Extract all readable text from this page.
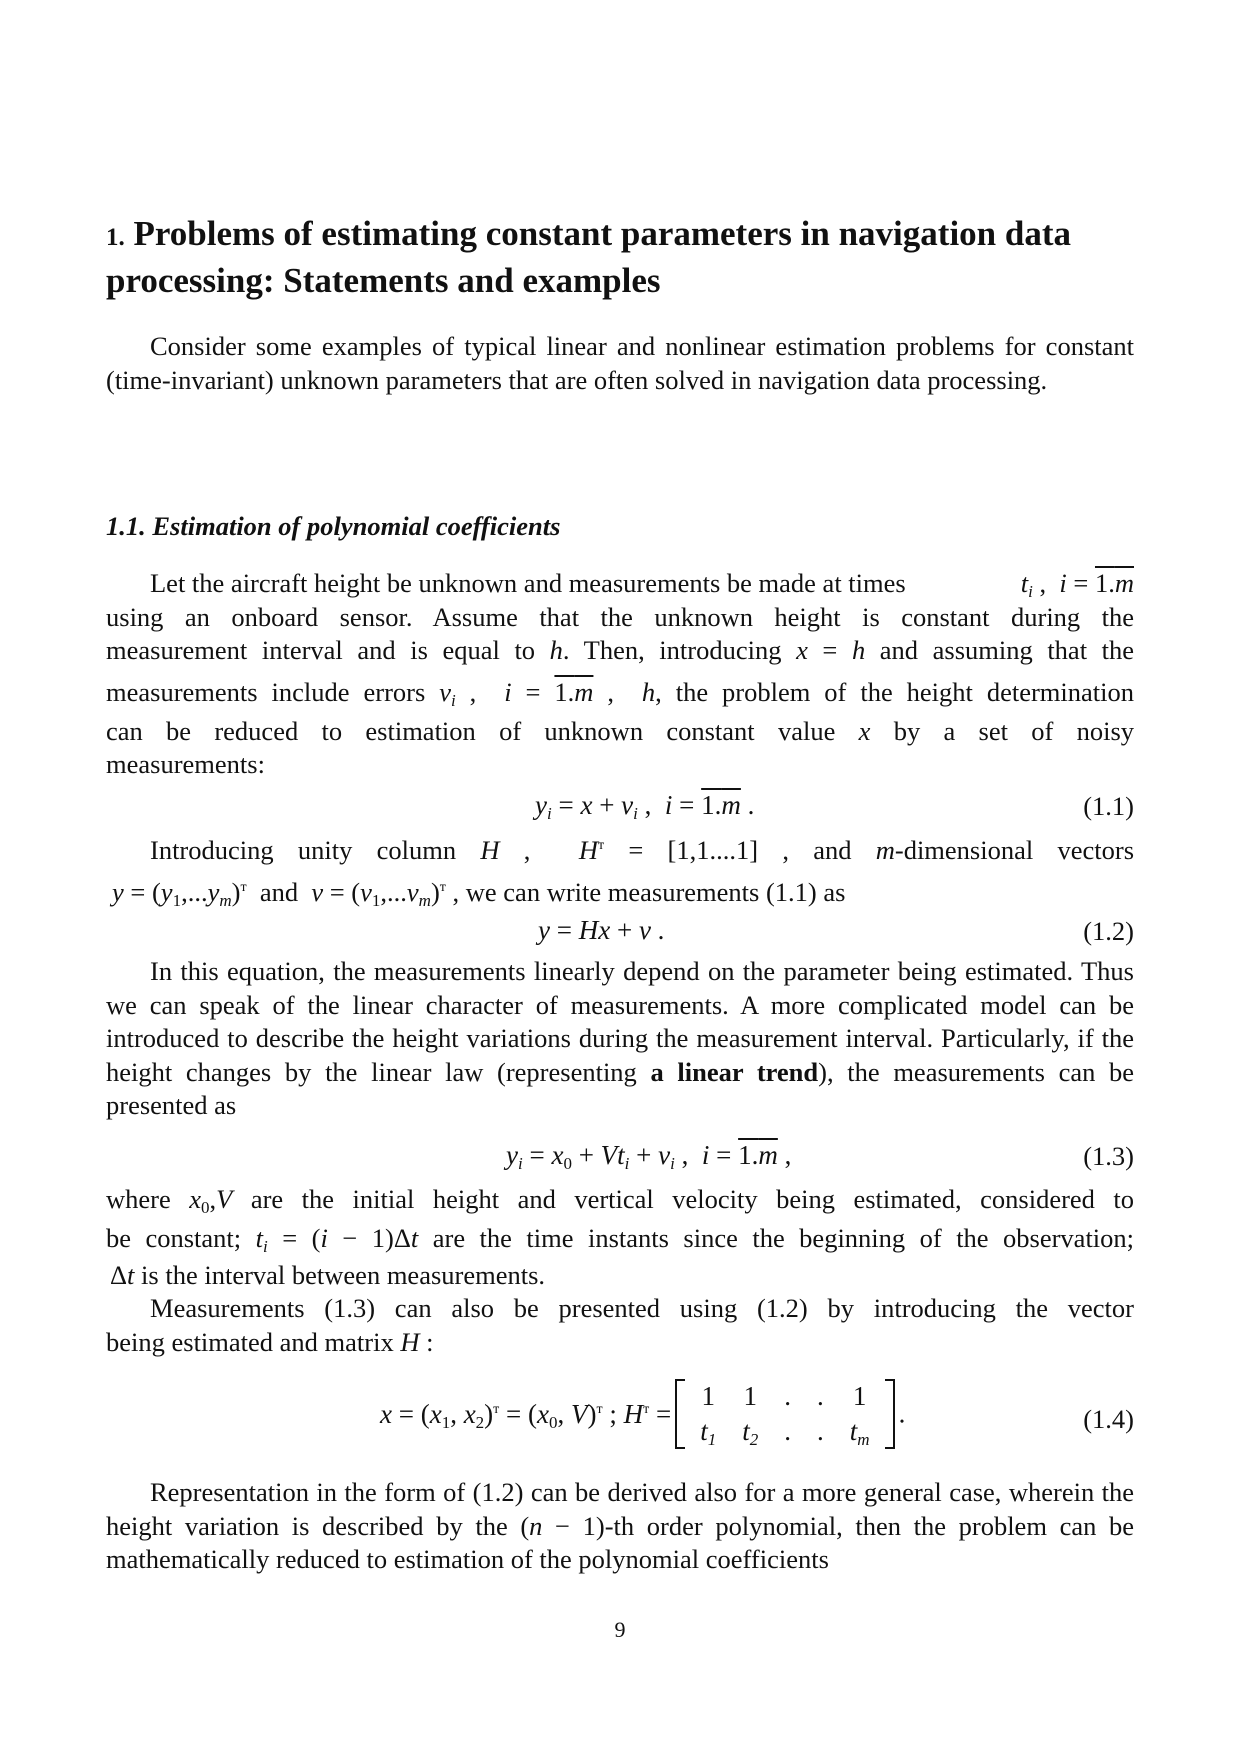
1. Problems of estimating constant parameters in navigation data processing: Statements and examples

Consider some examples of typical linear and nonlinear estimation problems for constant (time-invariant) unknown parameters that are often solved in navigation data processing.

1.1. Estimation of polynomial coefficients

Let the aircraft height be unknown and measurements be made at times	$t_i$ ,  i = 1.m

using an onboard sensor. Assume that the unknown height is constant during the

measurement interval and is equal to h. Then, introducing x = h and assuming that the

measurements include errors $v_i$ ,  i = 1.m ,  h, the problem of the height determination

can be reduced to estimation of unknown constant value x by a set of noisy

measurements:

$y_i = x + v_i$ ,  i = 1.m .	(1.1)

Introducing unity column H ,  $H^т = [1,1....1]$ , and m-dimensional vectors

$y = (y_1,...y_m)^т$ and $v = (v_1,...v_m)^т$ , we can write measurements (1.1) as

y = Hx + v .	(1.2)

In this equation, the measurements linearly depend on the parameter being estimated. Thus we can speak of the linear character of measurements. A more complicated model can be introduced to describe the height variations during the measurement interval. Particularly, if the height changes by the linear law (representing a linear trend), the measurements can be presented as

$y_i = x_0 + Vt_i + v_i$ ,  i = 1.m ,	(1.3)

where $x_0,V$ are the initial height and vertical velocity being estimated, considered to

be constant; $t_i = (i - 1)\Delta t$ are the time instants since the beginning of the observation;

Δt is the interval between measurements.

Measurements (1.3) can also be presented using (1.2) by introducing the vector

being estimated and matrix H :

$x = (x_1$, $x_2)^т = (x_0$, V)$^т$ ; $H^т$ =
1	1	.	.	1
$t_1$	$t_2$	.	.	$t_m$
.	(1.4)

Representation in the form of (1.2) can be derived also for a more general case, wherein the height variation is described by the (n − 1)-th order polynomial, then the problem can be mathematically reduced to estimation of the polynomial coefficients

9
